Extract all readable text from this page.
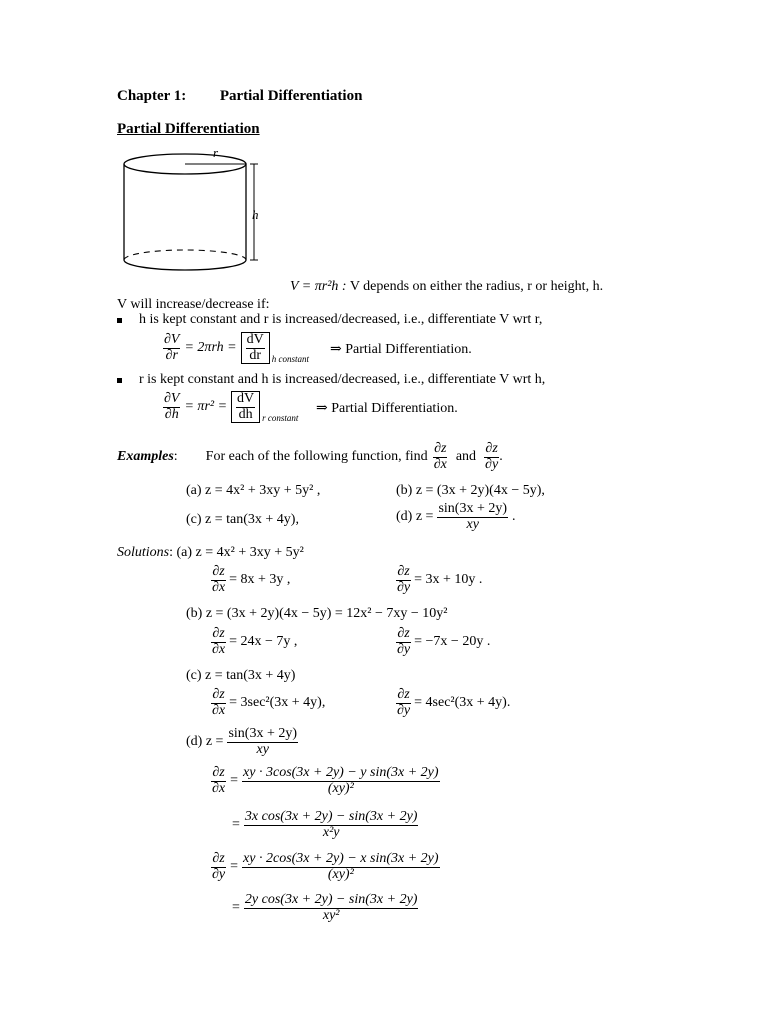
Chapter 1: Partial Differentiation
Partial Differentiation
r
h
V = πr²h : V depends on either the radius, r or height, h.
V will increase/decrease if:
h is kept constant and r is increased/decreased, i.e., differentiate V wrt r,
$\frac{\partial V}{\partial r} = 2\pi rh = \frac{dV}{dr}$ h constant
⇒ Partial Differentiation.
r is kept constant and h is increased/decreased, i.e., differentiate V wrt h,
$\frac{\partial V}{\partial h} = \pi r^2 = \frac{dV}{dh}$ r constant
⇒ Partial Differentiation.
Examples : For each of the following function, find $\frac{\partial z}{\partial x}$ and $\frac{\partial z}{\partial y}$ .
(a) z = 4x² + 3xy + 5y² ,	(b) z = (3x + 2y)(4x − 5y),
(c) z = tan(3x + 4y),	(d) $z = \frac{\sin(3x + 2y)}{xy}$ .
Solutions: (a) z = 4x² + 3xy + 5y²
$\frac{\partial z}{\partial x} = 8x + 3y$ ,	$\frac{\partial z}{\partial y} = 3x + 10y$ .
(b) z = (3x + 2y)(4x − 5y) = 12x² − 7xy − 10y²
$\frac{\partial z}{\partial x} = 24x - 7y$ ,	$\frac{\partial z}{\partial y} = -7x - 20y$ .
(c) z = tan(3x + 4y)
$\frac{\partial z}{\partial x} = 3\sec^2(3x + 4y)$,	$\frac{\partial z}{\partial y} = 4\sec^2(3x + 4y)$.
(d) $z = \frac{\sin(3x + 2y)}{xy}$
$\frac{\partial z}{\partial x} = \frac{\text{xy · 3cos(3x + 2y) − y sin(3x + 2y)}}{\text{(xy)²}}$
= $\frac{\text{3x cos(3x + 2y) − sin(3x + 2y)}}{\text{x²y}}$
$\frac{\partial z}{\partial y} = \frac{\text{xy · 2cos(3x + 2y) − x sin(3x + 2y)}}{\text{(xy)²}}$
= $\frac{\text{2y cos(3x + 2y) − sin(3x + 2y)}}{\text{xy²}}$
